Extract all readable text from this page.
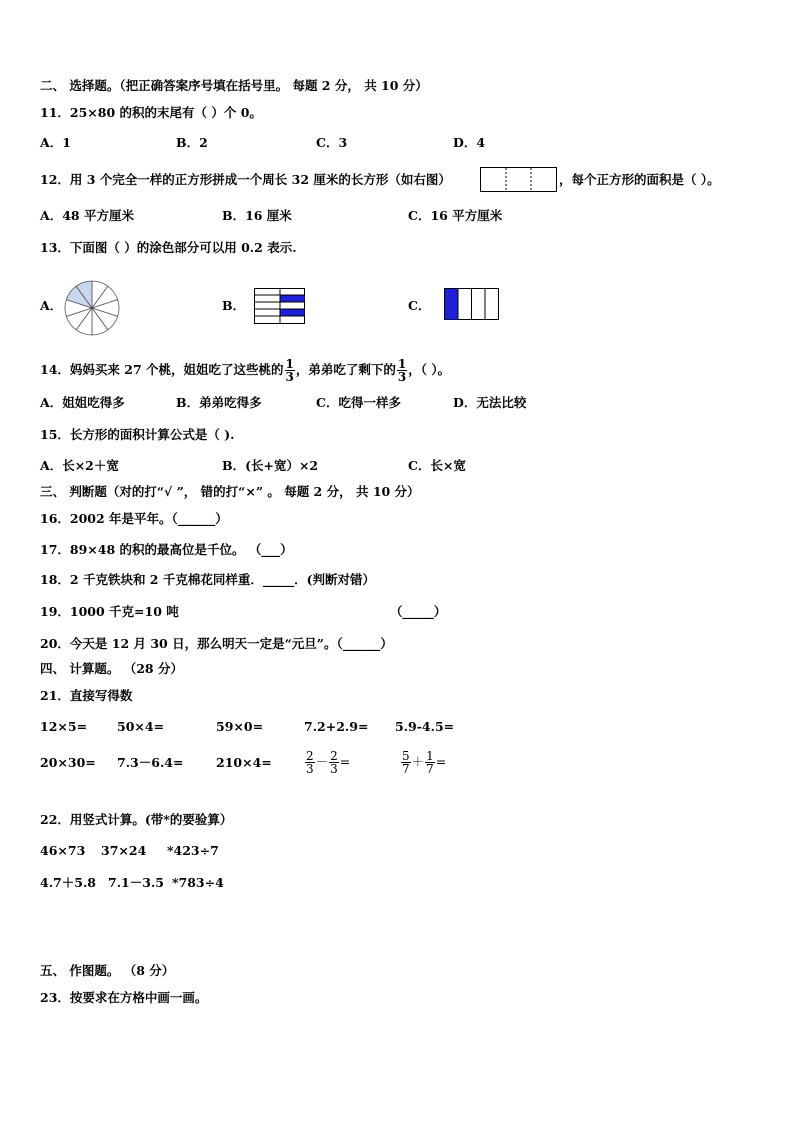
二、 选择题。（把正确答案序号填在括号里。 每题 2 分， 共 10 分）
11．25×80 的积的末尾有（ ）个 0。
A．1	B．2	C．3	D．4
12．用 3 个完全一样的正方形拼成一个周长 32 厘米的长方形（如右图）	，每个正方形的面积是（ ）。
A．48 平方厘米	B．16 厘米	C．16 平方厘米
13．下面图（ ）的涂色部分可以用 0.2 表示.
A．	B．	C．
14．妈妈买来 27 个桃，姐姐吃了这些桃的 $\frac{1}{3}$ ，弟弟吃了剩下的 $\frac{1}{3}$ ，（ ）。
A．姐姐吃得多	B．弟弟吃得多	C．吃得一样多	D．无法比较
15．长方形的面积计算公式是（ ).
A．长×2＋宽	B．(长+宽）×2	C．长×宽
三、 判断题（对的打“√ ”， 错的打“×” 。 每题 2 分， 共 10 分）
16．2002 年是平年。（______）
17．89×48 的积的最高位是千位。 （___）
18．2 千克铁块和 2 千克棉花同样重．_____．(判断对错）
19．1000 千克=10 吨	（_____）
20．今天是 12 月 30 日，那么明天一定是“元旦”。（______）
四、 计算题。 （28 分）
21．直接写得数
12×5= 50×4=	59×0=	7.2+2.9= 5.9-4.5=
20×30= 7.3－6.4=	210×4=	$\frac{2}{3} - \frac{2}{3}$ =	$\frac{5}{7} + \frac{1}{7}$ =
22．用竖式计算。(带*的要验算）
46×73 37×24 *423÷7
4.7＋5.8 7.1－3.5 *783÷4
五、 作图题。 （8 分）
23．按要求在方格中画一画。
